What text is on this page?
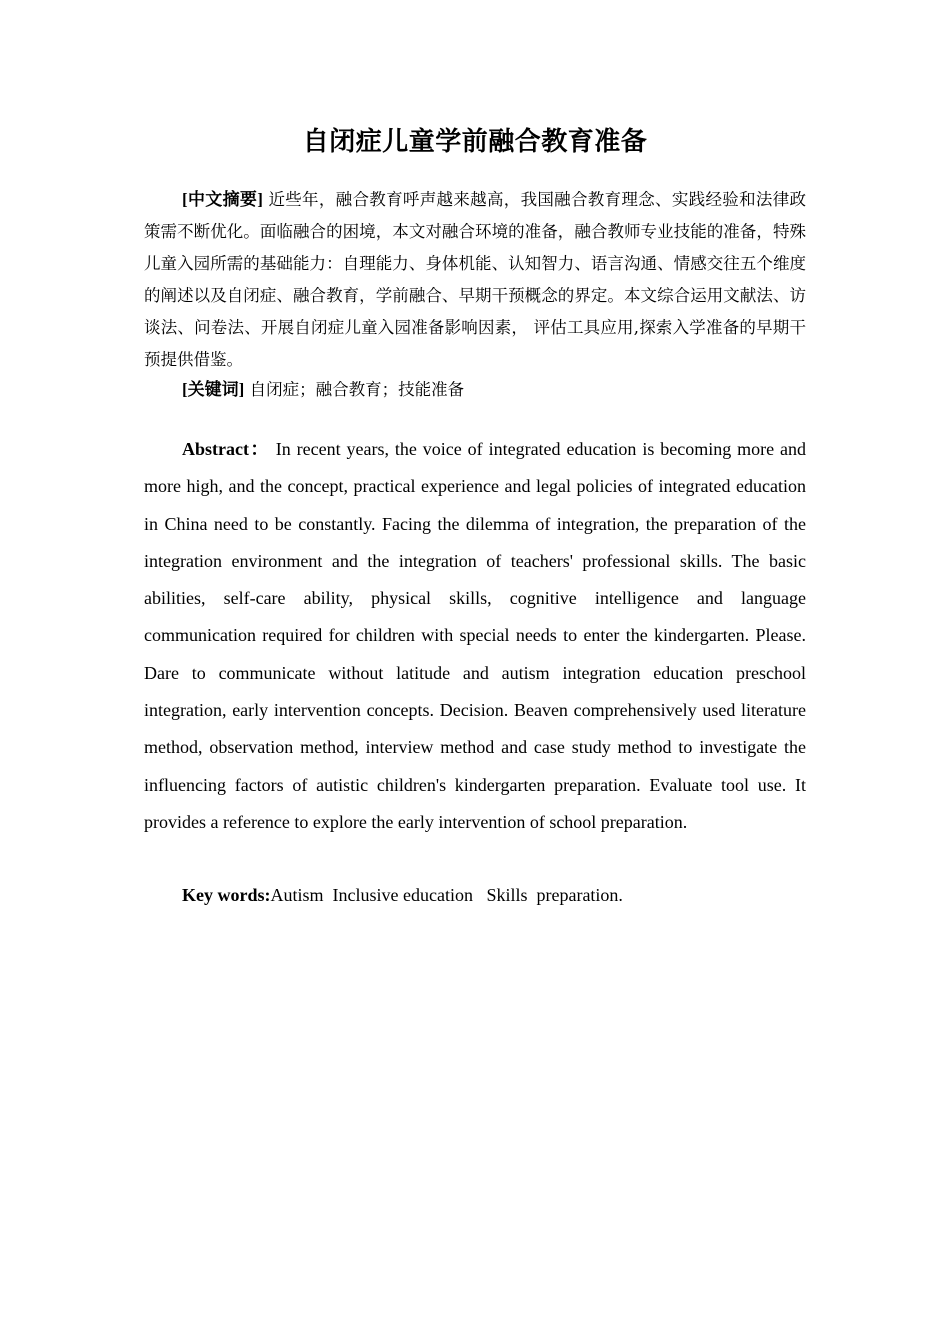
自闭症儿童学前融合教育准备

[中文摘要] 近些年，融合教育呼声越来越高，我国融合教育理念、实践经验和法律政策需不断优化。面临融合的困境，本文对融合环境的准备，融合教师专业技能的准备，特殊儿童入园所需的基础能力：自理能力、身体机能、认知智力、语言沟通、情感交往五个维度的阐述以及自闭症、融合教育，学前融合、早期干预概念的界定。本文综合运用文献法、访谈法、问卷法、开展自闭症儿童入园准备影响因素， 评估工具应用,探索入学准备的早期干预提供借鉴。

[关键词] 自闭症；融合教育；技能准备

Abstract： In recent years, the voice of integrated education is becoming more and more high, and the concept, practical experience and legal policies of integrated education in China need to be constantly. Facing the dilemma of integration, the preparation of the integration environment and the integration of teachers' professional skills. The basic abilities, self-care ability, physical skills, cognitive intelligence and language communication required for children with special needs to enter the kindergarten. Please. Dare to communicate without latitude and autism integration education preschool integration, early intervention concepts. Decision. Beaven comprehensively used literature method, observation method, interview method and case study method to investigate the influencing factors of autistic children's kindergarten preparation. Evaluate tool use. It provides a reference to explore the early intervention of school preparation.

Key words:Autism  Inclusive education   Skills  preparation.
